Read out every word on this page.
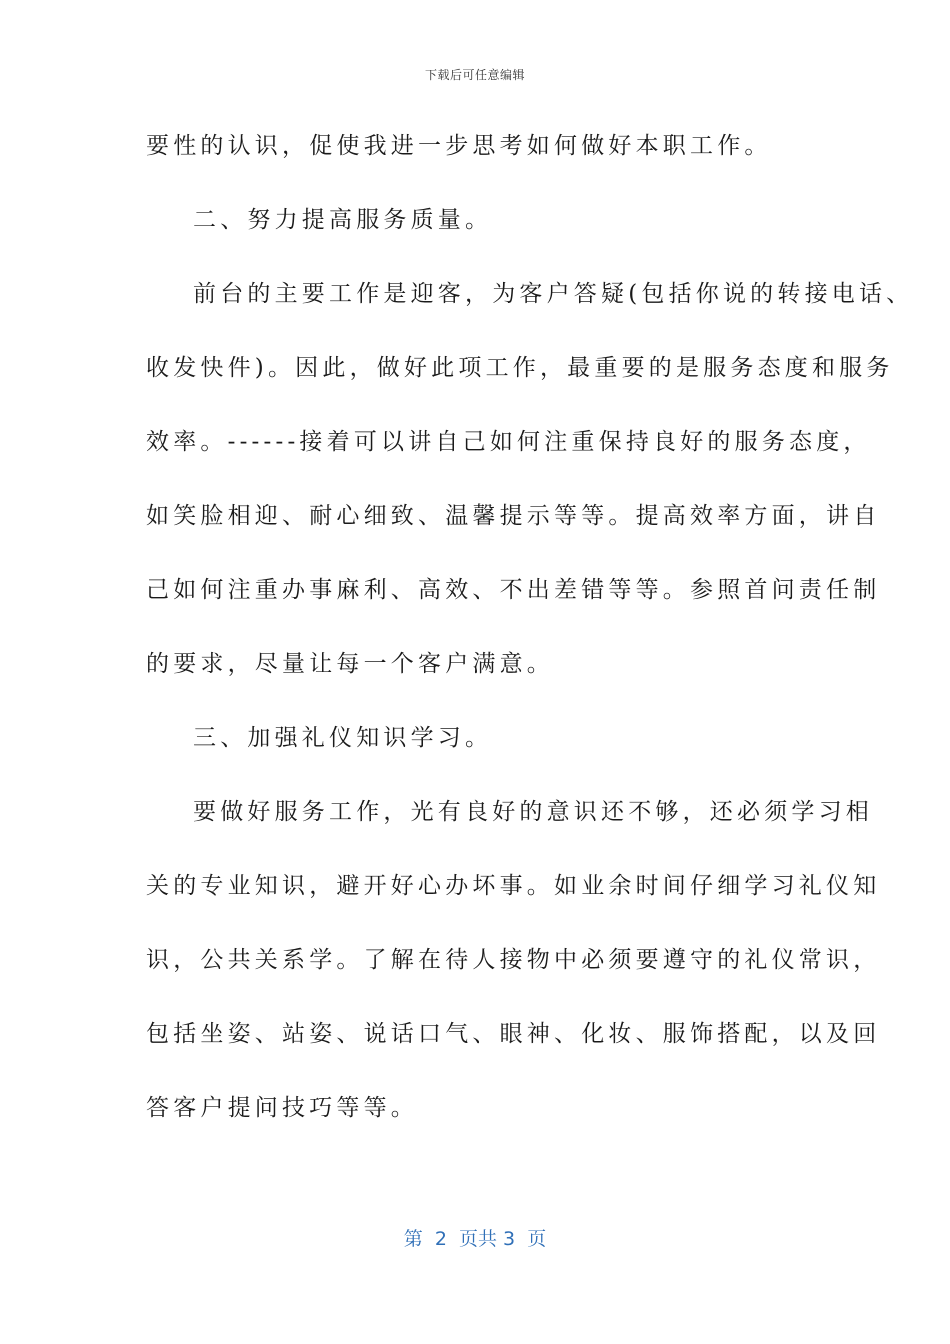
下载后可任意编辑
要性的认识，促使我进一步思考如何做好本职工作。
二、努力提高服务质量。
前台的主要工作是迎客，为客户答疑(包括你说的转接电话、
收发快件)。因此，做好此项工作，最重要的是服务态度和服务
效率。------接着可以讲自己如何注重保持良好的服务态度，
如笑脸相迎、耐心细致、温馨提示等等。提高效率方面，讲自
己如何注重办事麻利、高效、不出差错等等。参照首问责任制
的要求，尽量让每一个客户满意。
三、加强礼仪知识学习。
要做好服务工作，光有良好的意识还不够，还必须学习相
关的专业知识，避开好心办坏事。如业余时间仔细学习礼仪知
识，公共关系学。了解在待人接物中必须要遵守的礼仪常识，
包括坐姿、站姿、说话口气、眼神、化妆、服饰搭配，以及回
答客户提问技巧等等。
第  2  页共 3  页
